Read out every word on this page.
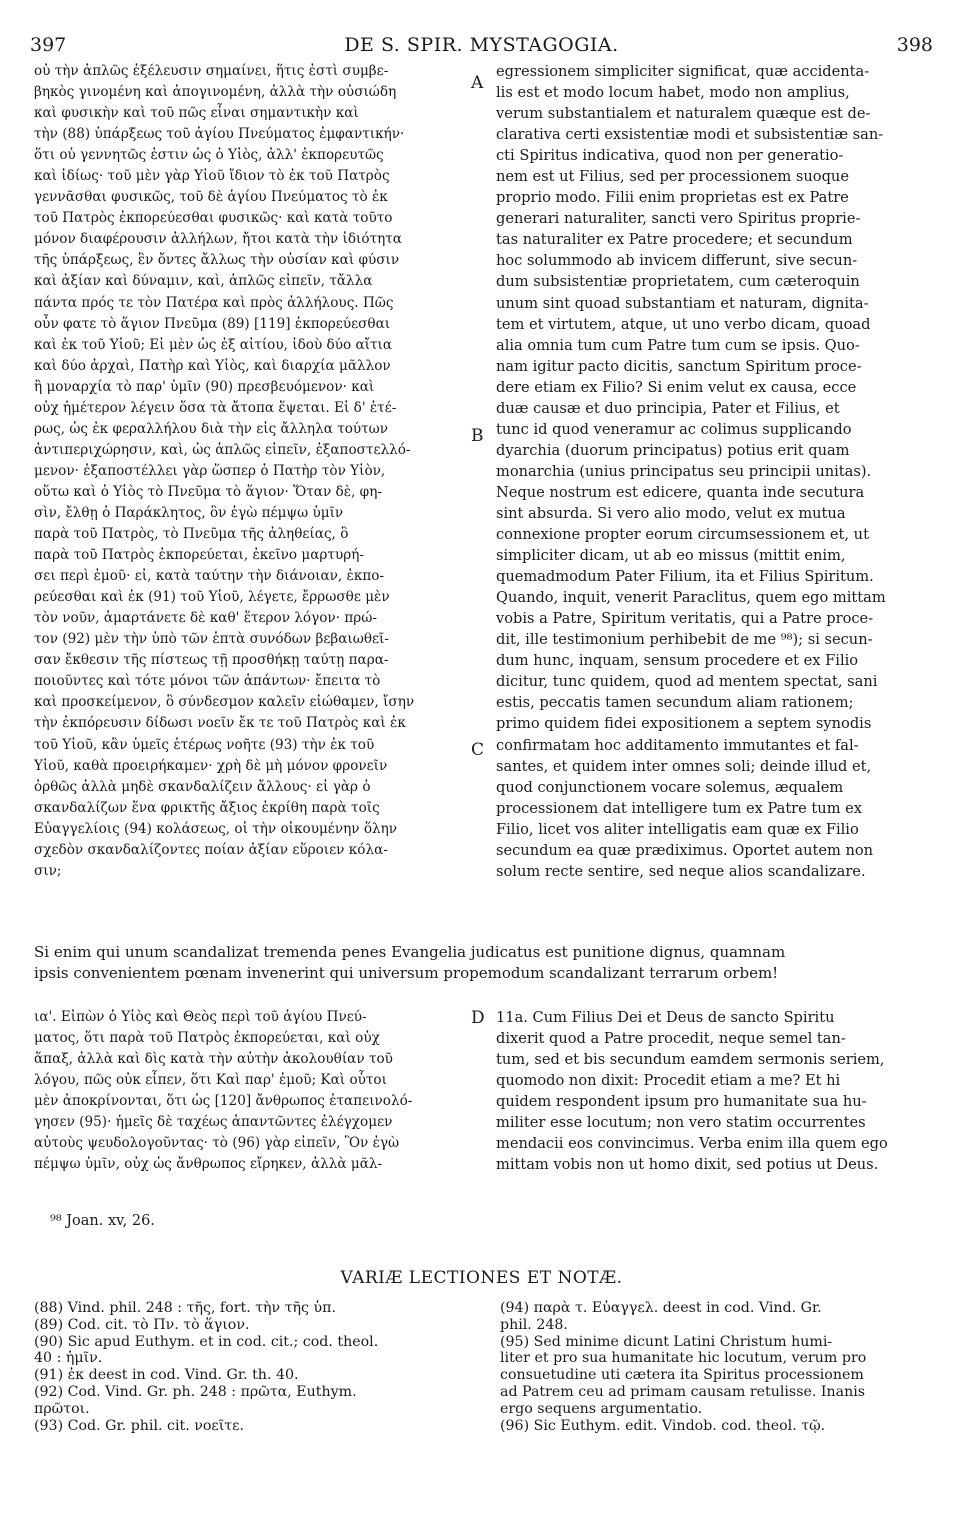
397	DE S. SPIR. MYSTAGOGIA.	398
A
B
C
D
οὐ τὴν ἁπλῶς ἐξέλευσιν σημαίνει, ἥτις ἐστὶ συμβε-
βηκὸς γινομένη καὶ ἀπογινομένη, ἀλλὰ τὴν οὐσιώδη
καὶ φυσικὴν καὶ τοῦ πῶς εἶναι σημαντικὴν καὶ
τὴν (88) ὑπάρξεως τοῦ ἁγίου Πνεύματος ἐμφαντικήν·
ὅτι οὐ γεννητῶς ἐστιν ὡς ὁ Υἱὸς, ἀλλ' ἐκπορευτῶς
καὶ ἰδίως· τοῦ μὲν γὰρ Υἱοῦ ἴδιον τὸ ἐκ τοῦ Πατρὸς
γεννᾶσθαι φυσικῶς, τοῦ δὲ ἁγίου Πνεύματος τὸ ἐκ
τοῦ Πατρὸς ἐκπορεύεσθαι φυσικῶς· καὶ κατὰ τοῦτο
μόνον διαφέρουσιν ἀλλήλων, ἤτοι κατὰ τὴν ἰδιότητα
τῆς ὑπάρξεως, ἓν ὄντες ἄλλως τὴν οὐσίαν καὶ φύσιν
καὶ ἀξίαν καὶ δύναμιν, καὶ, ἁπλῶς εἰπεῖν, τἄλλα
πάντα πρός τε τὸν Πατέρα καὶ πρὸς ἀλλήλους. Πῶς
οὖν φατε τὸ ἅγιον Πνεῦμα (89) [119] ἐκπορεύεσθαι
καὶ ἐκ τοῦ Υἱοῦ; Εἰ μὲν ὡς ἐξ αἰτίου, ἰδοὺ δύο αἴτια
καὶ δύο ἀρχαὶ, Πατὴρ καὶ Υἱὸς, καὶ διαρχία μᾶλλον
ἢ μοναρχία τὸ παρ' ὑμῖν (90) πρεσβευόμενον· καὶ
οὐχ ἡμέτερον λέγειν ὅσα τὰ ἄτοπα ἕψεται. Εἰ δ' ἑτέ-
ρως, ὡς ἐκ φεραλλήλου διὰ τὴν εἰς ἄλληλα τούτων
ἀντιπεριχώρησιν, καὶ, ὡς ἁπλῶς εἰπεῖν, ἐξαποστελλό-
μενον· ἐξαποστέλλει γὰρ ὥσπερ ὁ Πατὴρ τὸν Υἱὸν,
οὕτω καὶ ὁ Υἱὸς τὸ Πνεῦμα τὸ ἅγιον· Ὅταν δὲ, φη-
σὶν, ἔλθῃ ὁ Παράκλητος, ὃν ἐγὼ πέμψω ὑμῖν
παρὰ τοῦ Πατρὸς, τὸ Πνεῦμα τῆς ἀληθείας, ὃ
παρὰ τοῦ Πατρὸς ἐκπορεύεται, ἐκεῖνο μαρτυρή-
σει περὶ ἐμοῦ· εἰ, κατὰ ταύτην τὴν διάνοιαν, ἐκπο-
ρεύεσθαι καὶ ἐκ (91) τοῦ Υἱοῦ, λέγετε, ἔρρωσθε μὲν
τὸν νοῦν, ἁμαρτάνετε δὲ καθ' ἕτερον λόγον· πρώ-
τον (92) μὲν τὴν ὑπὸ τῶν ἑπτὰ συνόδων βεβαιωθεῖ-
σαν ἔκθεσιν τῆς πίστεως τῇ προσθήκῃ ταύτῃ παρα-
ποιοῦντες καὶ τότε μόνοι τῶν ἁπάντων· ἔπειτα τὸ
καὶ προσκείμενον, ὃ σύνδεσμον καλεῖν εἰώθαμεν, ἴσην
τὴν ἐκπόρευσιν δίδωσι νοεῖν ἔκ τε τοῦ Πατρὸς καὶ ἐκ
τοῦ Υἱοῦ, κἂν ὑμεῖς ἑτέρως νοῆτε (93) τὴν ἐκ τοῦ
Υἱοῦ, καθὰ προειρήκαμεν· χρὴ δὲ μὴ μόνον φρονεῖν
ὀρθῶς ἀλλὰ μηδὲ σκανδαλίζειν ἄλλους· εἰ γὰρ ὁ
σκανδαλίζων ἕνα φρικτῆς ἄξιος ἐκρίθη παρὰ τοῖς
Εὐαγγελίοις (94) κολάσεως, οἱ τὴν οἰκουμένην ὅλην
σχεδὸν σκανδαλίζοντες ποίαν ἀξίαν εὕροιεν κόλα-
σιν;
egressionem simpliciter significat, quæ accidenta-
lis est et modo locum habet, modo non amplius,
verum substantialem et naturalem quæque est de-
clarativa certi exsistentiæ modi et subsistentiæ san-
cti Spiritus indicativa, quod non per generatio-
nem est ut Filius, sed per processionem suoque
proprio modo. Filii enim proprietas est ex Patre
generari naturaliter, sancti vero Spiritus proprie-
tas naturaliter ex Patre procedere; et secundum
hoc solummodo ab invicem differunt, sive secun-
dum subsistentiæ proprietatem, cum cæteroquin
unum sint quoad substantiam et naturam, dignita-
tem et virtutem, atque, ut uno verbo dicam, quoad
alia omnia tum cum Patre tum cum se ipsis. Quo-
nam igitur pacto dicitis, sanctum Spiritum proce-
dere etiam ex Filio? Si enim velut ex causa, ecce
duæ causæ et duo principia, Pater et Filius, et
tunc id quod veneramur ac colimus supplicando
dyarchia (duorum principatus) potius erit quam
monarchia (unius principatus seu principii unitas).
Neque nostrum est edicere, quanta inde secutura
sint absurda. Si vero alio modo, velut ex mutua
connexione propter eorum circumsessionem et, ut
simpliciter dicam, ut ab eo missus (mittit enim,
quemadmodum Pater Filium, ita et Filius Spiritum.
Quando, inquit, venerit Paraclitus, quem ego mittam
vobis a Patre, Spiritum veritatis, qui a Patre proce-
dit, ille testimonium perhibebit de me ⁹⁸); si secun-
dum hunc, inquam, sensum procedere et ex Filio
dicitur, tunc quidem, quod ad mentem spectat, sani
estis, peccatis tamen secundum aliam rationem;
primo quidem fidei expositionem a septem synodis
confirmatam hoc additamento immutantes et fal-
santes, et quidem inter omnes soli; deinde illud et,
quod conjunctionem vocare solemus, æqualem
processionem dat intelligere tum ex Patre tum ex
Filio, licet vos aliter intelligatis eam quæ ex Filio
secundum ea quæ prædiximus. Oportet autem non
solum recte sentire, sed neque alios scandalizare.
Si enim qui unum scandalizat tremenda penes Evangelia judicatus est punitione dignus, quamnam
ipsis convenientem pœnam invenerint qui universum propemodum scandalizant terrarum orbem!
ια'. Εἰπὼν ὁ Υἱὸς καὶ Θεὸς περὶ τοῦ ἁγίου Πνεύ-
ματος, ὅτι παρὰ τοῦ Πατρὸς ἐκπορεύεται, καὶ οὐχ
ἅπαξ, ἀλλὰ καὶ δὶς κατὰ τὴν αὐτὴν ἀκολουθίαν τοῦ
λόγου, πῶς οὐκ εἶπεν, ὅτι Καὶ παρ' ἐμοῦ; Καὶ οὗτοι
μὲν ἀποκρίνονται, ὅτι ὡς [120] ἄνθρωπος ἐταπεινολό-
γησεν (95)· ἡμεῖς δὲ ταχέως ἀπαντῶντες ἐλέγχομεν
αὐτοὺς ψευδολογοῦντας· τὸ (96) γὰρ εἰπεῖν, Ὃν ἐγὼ
πέμψω ὑμῖν, οὐχ ὡς ἄνθρωπος εἴρηκεν, ἀλλὰ μᾶλ-
11a. Cum Filius Dei et Deus de sancto Spiritu
dixerit quod a Patre procedit, neque semel tan-
tum, sed et bis secundum eamdem sermonis seriem,
quomodo non dixit: Procedit etiam a me? Et hi
quidem respondent ipsum pro humanitate sua hu-
militer esse locutum; non vero statim occurrentes
mendacii eos convincimus. Verba enim illa quem ego
mittam vobis non ut homo dixit, sed potius ut Deus.
⁹⁸ Joan. xv, 26.
VARIÆ LECTIONES ET NOTÆ.
(88) Vind. phil. 248 : τῆς, fort. τὴν τῆς ὑπ.
(89) Cod. cit. τὸ Πν. τὸ ἅγιον.
(90) Sic apud Euthym. et in cod. cit.; cod. theol.
40 : ἡμῖν.
(91) ἐκ deest in cod. Vind. Gr. th. 40.
(92) Cod. Vind. Gr. ph. 248 : πρῶτα, Euthym.
πρῶτοι.
(93) Cod. Gr. phil. cit. νοεῖτε.
(94) παρὰ τ. Εὐαγγελ. deest in cod. Vind. Gr.
phil. 248.
(95) Sed minime dicunt Latini Christum humi-
liter et pro sua humanitate hic locutum, verum pro
consuetudine uti cætera ita Spiritus processionem
ad Patrem ceu ad primam causam retulisse. Inanis
ergo sequens argumentatio.
(96) Sic Euthym. edit. Vindob. cod. theol. τῷ.
